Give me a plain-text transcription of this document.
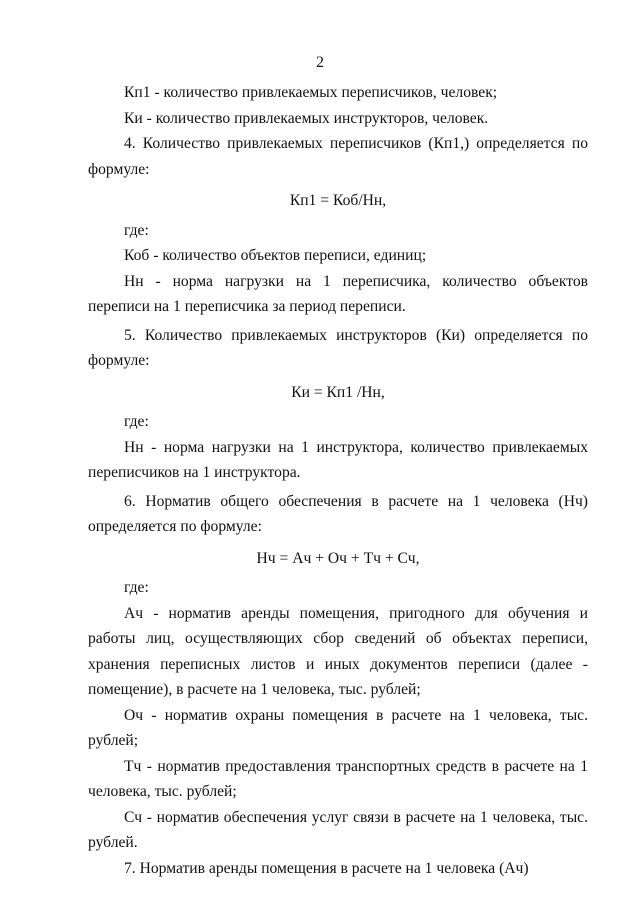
2

Кп1 - количество привлекаемых переписчиков, человек;

Ки - количество привлекаемых инструкторов, человек.

4. Количество привлекаемых переписчиков (Кп1,) определяется по формуле:

Кп1 = Коб/Нн,

где:

Коб - количество объектов переписи, единиц;

Нн - норма нагрузки на 1 переписчика, количество объектов переписи на 1 переписчика за период переписи.

5. Количество привлекаемых инструкторов (Ки) определяется по формуле:

Ки = Кп1 /Нн,

где:

Нн - норма нагрузки на 1 инструктора, количество привлекаемых переписчиков на 1 инструктора.

6. Норматив общего обеспечения в расчете на 1 человека (Нч) определяется по формуле:

Нч = Ач + Оч + Тч + Сч,

где:

Ач - норматив аренды помещения, пригодного для обучения и работы лиц, осуществляющих сбор сведений об объектах переписи, хранения переписных листов и иных документов переписи (далее - помещение), в расчете на 1 человека, тыс. рублей;

Оч - норматив охраны помещения в расчете на 1 человека, тыс. рублей;

Тч - норматив предоставления транспортных средств в расчете на 1 человека, тыс. рублей;

Сч - норматив обеспечения услуг связи в расчете на 1 человека, тыс. рублей.

7. Норматив аренды помещения в расчете на 1 человека (Ач)
